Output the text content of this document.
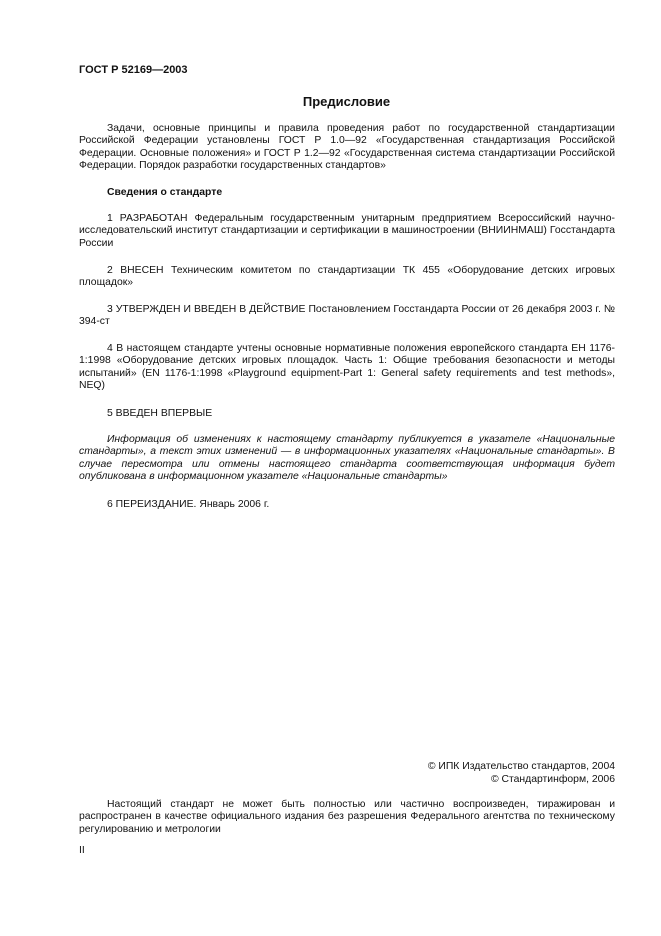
ГОСТ Р 52169—2003
Предисловие

Задачи, основные принципы и правила проведения работ по государственной стандартизации Российской Федерации установлены ГОСТ Р 1.0—92 «Государственная стандартизация Российской Федерации. Основные положения» и ГОСТ Р 1.2—92 «Государственная система стандартизации Российской Федерации. Порядок разработки государственных стандартов»

Сведения о стандарте

1 РАЗРАБОТАН Федеральным государственным унитарным предприятием Всероссийский научно-исследовательский институт стандартизации и сертификации в машиностроении (ВНИИНМАШ) Госстандарта России

2 ВНЕСЕН Техническим комитетом по стандартизации ТК 455 «Оборудование детских игровых площадок»

3 УТВЕРЖДЕН И ВВЕДЕН В ДЕЙСТВИЕ Постановлением Госстандарта России от 26 декабря 2003 г. № 394-ст

4 В настоящем стандарте учтены основные нормативные положения европейского стандарта ЕН 1176-1:1998 «Оборудование детских игровых площадок. Часть 1: Общие требования безопасности и методы испытаний» (EN 1176-1:1998 «Playground equipment-Part 1: General safety requirements and test methods», NEQ)

5 ВВЕДЕН ВПЕРВЫЕ

Информация об изменениях к настоящему стандарту публикуется в указателе «Национальные стандарты», а текст этих изменений — в информационных указателях «Национальные стандарты». В случае пересмотра или отмены настоящего стандарта соответствующая информация будет опубликована в информационном указателе «Национальные стандарты»

6 ПЕРЕИЗДАНИЕ. Январь 2006 г.

© ИПК Издательство стандартов, 2004
© Стандартинформ, 2006

Настоящий стандарт не может быть полностью или частично воспроизведен, тиражирован и распространен в качестве официального издания без разрешения Федерального агентства по техническому регулированию и метрологии

II
